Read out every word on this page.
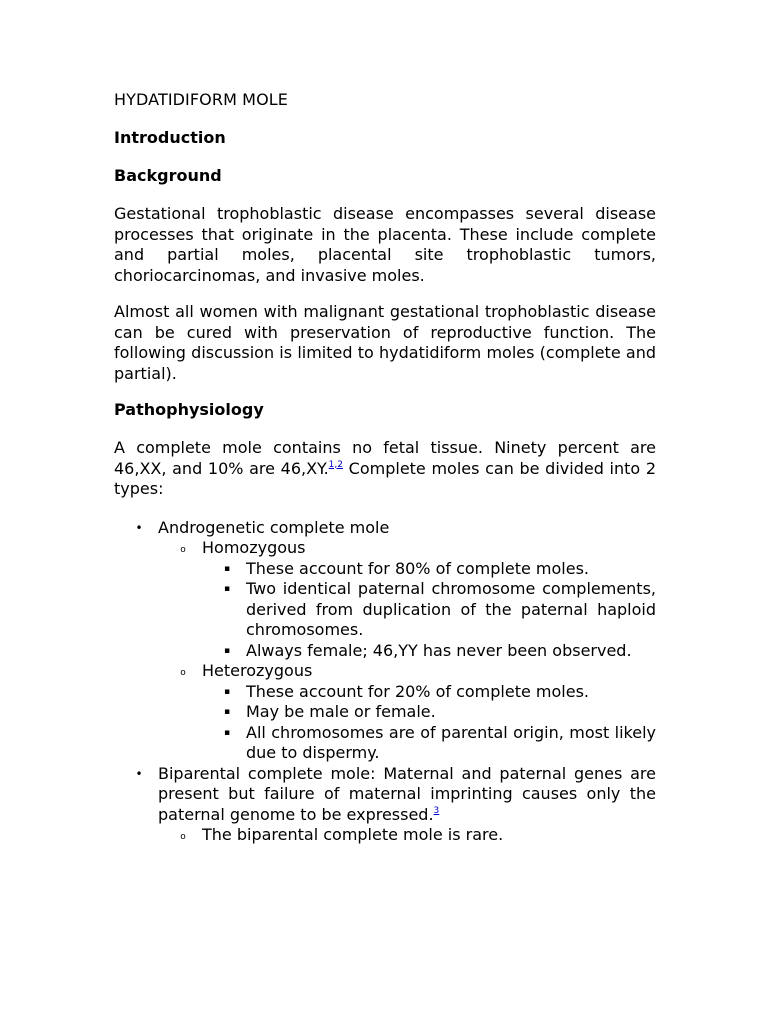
HYDATIDIFORM MOLE

Introduction

Background

Gestational trophoblastic disease encompasses several disease processes that originate in the placenta. These include complete and partial moles, placental site trophoblastic tumors, choriocarcinomas, and invasive moles.

Almost all women with malignant gestational trophoblastic disease can be cured with preservation of reproductive function. The following discussion is limited to hydatidiform moles (complete and partial).

Pathophysiology

A complete mole contains no fetal tissue. Ninety percent are 46,XX, and 10% are 46,XY.$^{1,2}$ Complete moles can be divided into 2 types:

• Androgenetic complete mole
o Homozygous
▪ These account for 80% of complete moles.
▪ Two identical paternal chromosome complements, derived from duplication of the paternal haploid chromosomes.
▪ Always female; 46,YY has never been observed.
o Heterozygous
▪ These account for 20% of complete moles.
▪ May be male or female.
▪ All chromosomes are of parental origin, most likely due to dispermy.
• Biparental complete mole: Maternal and paternal genes are present but failure of maternal imprinting causes only the paternal genome to be expressed.$^3$
o The biparental complete mole is rare.
